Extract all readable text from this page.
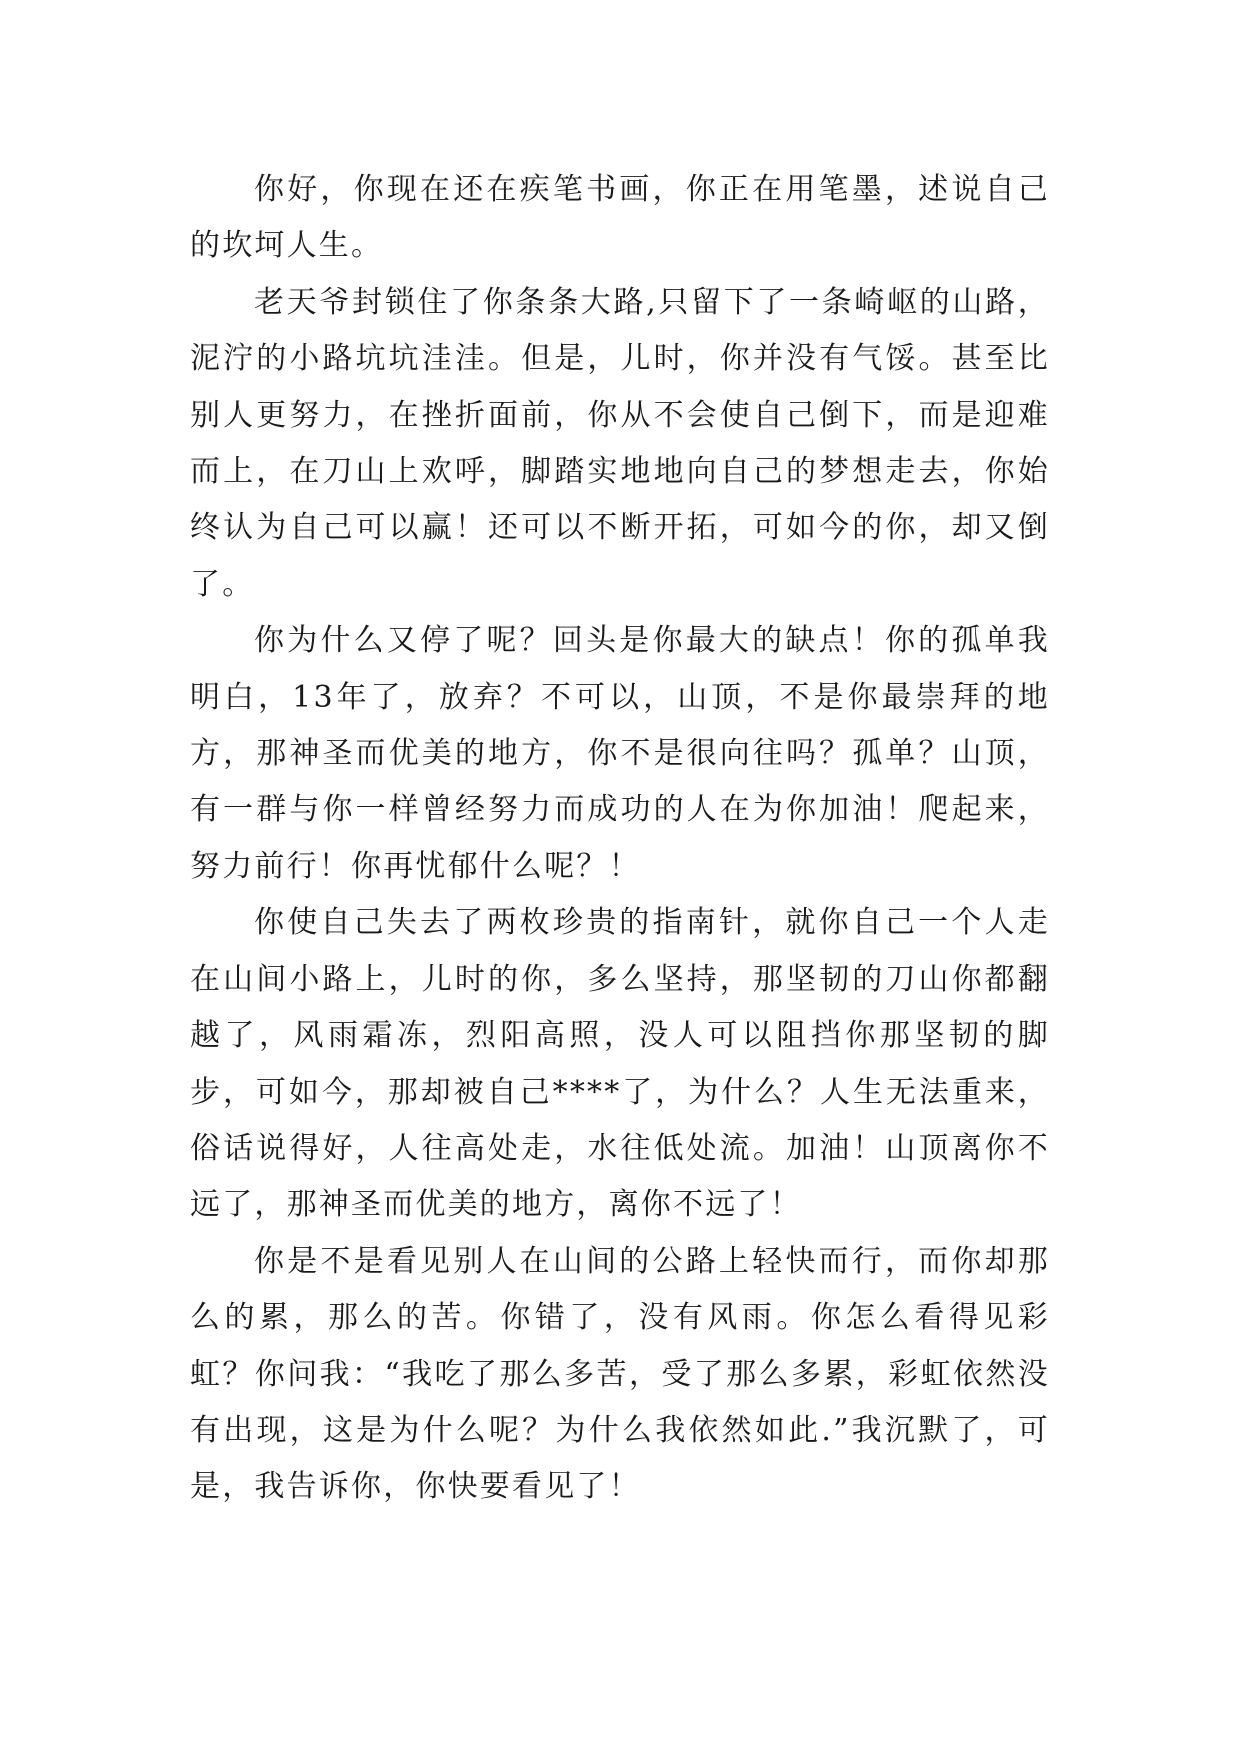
你好，你现在还在疾笔书画，你正在用笔墨，述说自己的坎坷人生。

老天爷封锁住了你条条大路,只留下了一条崎岖的山路，泥泞的小路坑坑洼洼。但是，儿时，你并没有气馁。甚至比别人更努力，在挫折面前，你从不会使自己倒下，而是迎难而上，在刀山上欢呼，脚踏实地地向自己的梦想走去，你始终认为自己可以赢！还可以不断开拓，可如今的你，却又倒了。

你为什么又停了呢？回头是你最大的缺点！你的孤单我明白，13年了，放弃？不可以，山顶，不是你最崇拜的地方，那神圣而优美的地方，你不是很向往吗？孤单？山顶，有一群与你一样曾经努力而成功的人在为你加油！爬起来，努力前行！你再忧郁什么呢？！

你使自己失去了两枚珍贵的指南针，就你自己一个人走在山间小路上，儿时的你，多么坚持，那坚韧的刀山你都翻越了，风雨霜冻，烈阳高照，没人可以阻挡你那坚韧的脚步，可如今，那却被自己****了，为什么？人生无法重来，俗话说得好，人往高处走，水往低处流。加油！山顶离你不远了，那神圣而优美的地方，离你不远了！

你是不是看见别人在山间的公路上轻快而行，而你却那么的累，那么的苦。你错了，没有风雨。你怎么看得见彩虹？你问我：“我吃了那么多苦，受了那么多累，彩虹依然没有出现，这是为什么呢？为什么我依然如此.”我沉默了，可是，我告诉你，你快要看见了！
